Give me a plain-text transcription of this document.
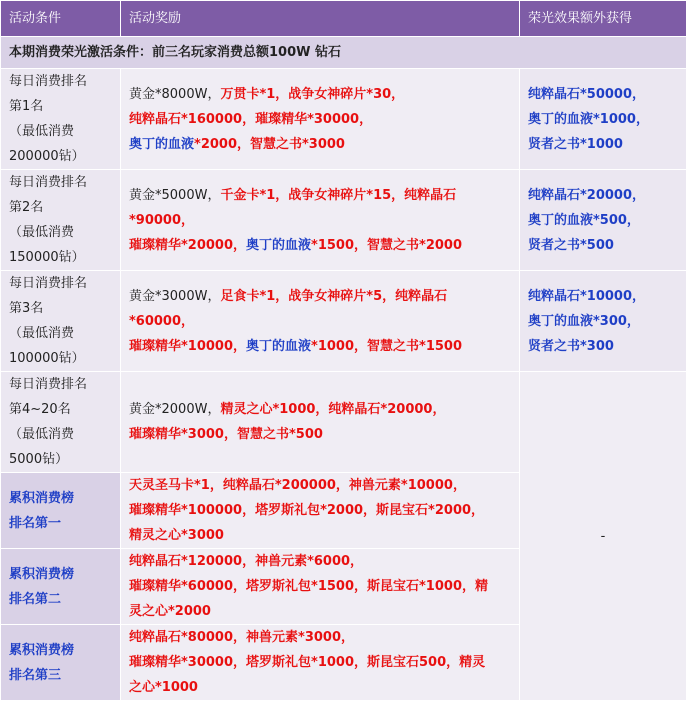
活动条件	活动奖励	荣光效果额外获得
本期消费荣光激活条件：前三名玩家消费总额100W 钻石		

每日消费排名
第1名
（最低消费
200000钻）	黄金*8000W，万贯卡*1，战争女神碎片*30，
纯粹晶石*160000，璀璨精华*30000，
奥丁的血液*2000，智慧之书*3000	纯粹晶石*50000，
奥丁的血液*1000，
贤者之书*1000

每日消费排名
第2名
（最低消费
150000钻）	黄金*5000W，千金卡*1，战争女神碎片*15，纯粹晶石
*90000，
璀璨精华*20000，奥丁的血液*1500，智慧之书*2000	纯粹晶石*20000，
奥丁的血液*500，
贤者之书*500

每日消费排名
第3名
（最低消费
100000钻）	黄金*3000W，足食卡*1，战争女神碎片*5，纯粹晶石
*60000，
璀璨精华*10000，奥丁的血液*1000，智慧之书*1500	纯粹晶石*10000，
奥丁的血液*300，
贤者之书*300

每日消费排名
第4~20名
（最低消费
5000钻）	黄金*2000W，精灵之心*1000，纯粹晶石*20000，
璀璨精华*3000，智慧之书*500	-

累积消费榜
排名第一	天灵圣马卡*1，纯粹晶石*200000，神兽元素*10000，
璀璨精华*100000，塔罗斯礼包*2000，斯昆宝石*2000，
精灵之心*3000	

累积消费榜
排名第二	纯粹晶石*120000，神兽元素*6000，
璀璨精华*60000，塔罗斯礼包*1500，斯昆宝石*1000，精
灵之心*2000	

累积消费榜
排名第三	纯粹晶石*80000，神兽元素*3000，
璀璨精华*30000，塔罗斯礼包*1000，斯昆宝石500，精灵
之心*1000	
